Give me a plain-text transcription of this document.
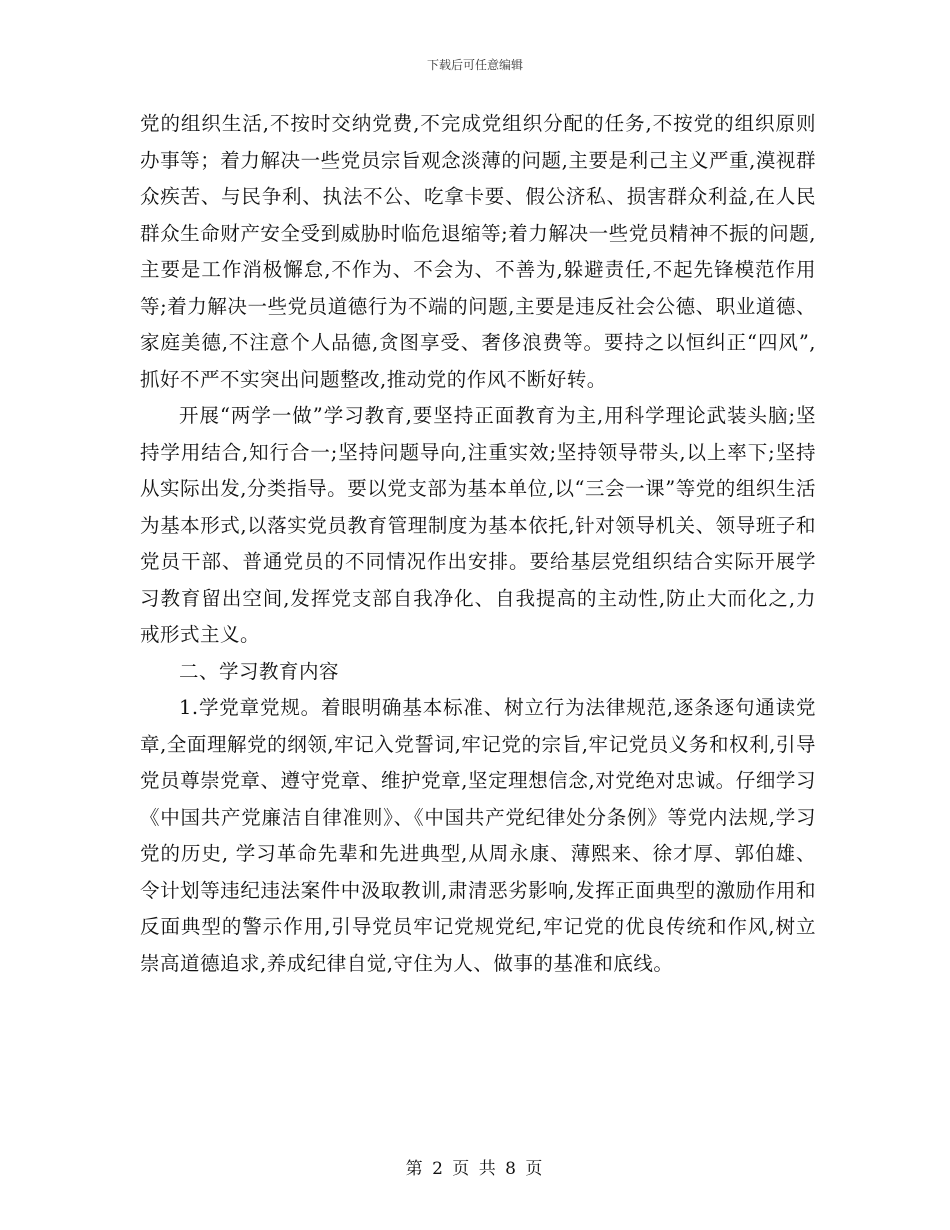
下载后可任意编辑

党的组织生活,不按时交纳党费,不完成党组织分配的任务,不按党的组织原则办事等；着力解决一些党员宗旨观念淡薄的问题,主要是利己主义严重,漠视群众疾苦、与民争利、执法不公、吃拿卡要、假公济私、损害群众利益,在人民群众生命财产安全受到威胁时临危退缩等;着力解决一些党员精神不振的问题,主要是工作消极懈怠,不作为、不会为、不善为,躲避责任,不起先锋模范作用等;着力解决一些党员道德行为不端的问题,主要是违反社会公德、职业道德、家庭美德,不注意个人品德,贪图享受、奢侈浪费等。要持之以恒纠正“四风”,抓好不严不实突出问题整改,推动党的作风不断好转。

开展“两学一做”学习教育,要坚持正面教育为主,用科学理论武装头脑;坚持学用结合,知行合一;坚持问题导向,注重实效;坚持领导带头,以上率下;坚持从实际出发,分类指导。要以党支部为基本单位,以“三会一课”等党的组织生活为基本形式,以落实党员教育管理制度为基本依托,针对领导机关、领导班子和党员干部、普通党员的不同情况作出安排。要给基层党组织结合实际开展学习教育留出空间,发挥党支部自我净化、自我提高的主动性,防止大而化之,力戒形式主义。

二、学习教育内容

1.学党章党规。着眼明确基本标准、树立行为法律规范,逐条逐句通读党章,全面理解党的纲领,牢记入党誓词,牢记党的宗旨,牢记党员义务和权利,引导党员尊崇党章、遵守党章、维护党章,坚定理想信念,对党绝对忠诚。仔细学习《中国共产党廉洁自律准则》、《中国共产党纪律处分条例》等党内法规,学习党的历史, 学习革命先辈和先进典型,从周永康、薄熙来、徐才厚、郭伯雄、令计划等违纪违法案件中汲取教训,肃清恶劣影响,发挥正面典型的激励作用和反面典型的警示作用,引导党员牢记党规党纪,牢记党的优良传统和作风,树立崇高道德追求,养成纪律自觉,守住为人、做事的基准和底线。

第 2 页 共 8 页
